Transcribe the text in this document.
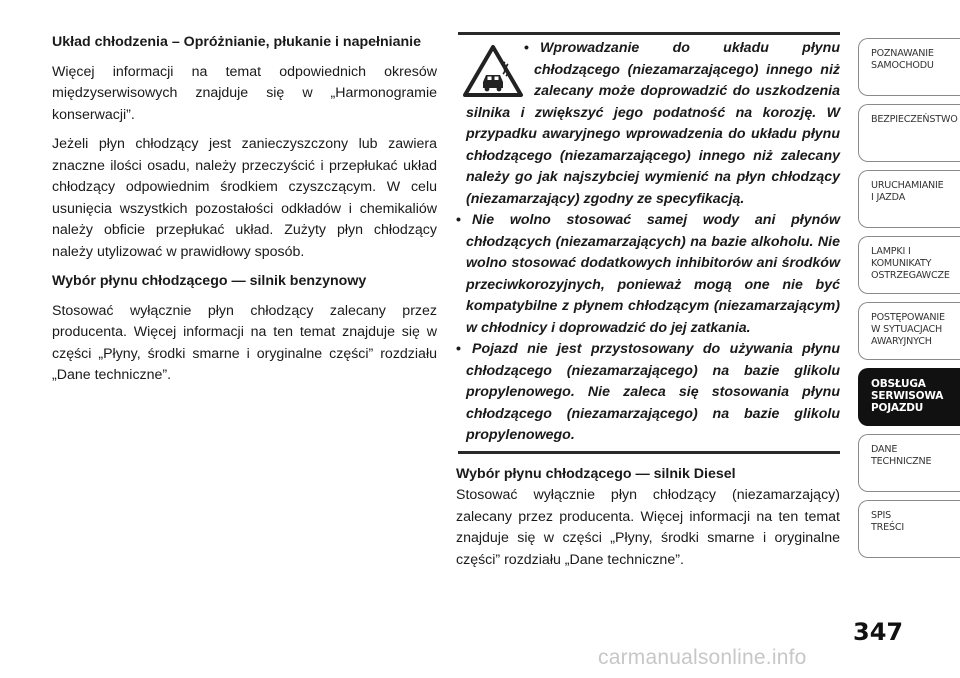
Układ chłodzenia – Opróżnianie, płukanie i napełnianie

Więcej informacji na temat odpowiednich okresów międzyserwisowych znajduje się w „Harmonogramie konserwacji”.

Jeżeli płyn chłodzący jest zanieczyszczony lub zawiera znaczne ilości osadu, należy przeczyścić i przepłukać układ chłodzący odpowiednim środkiem czyszczącym. W celu usunięcia wszystkich pozostałości odkładów i chemikaliów należy obficie przepłukać układ. Zużyty płyn chłodzący należy utylizować w prawidłowy sposób.

Wybór płynu chłodzącego — silnik benzynowy

Stosować wyłącznie płyn chłodzący zalecany przez producenta. Więcej informacji na ten temat znajduje się w części „Płyny, środki smarne i oryginalne części” rozdziału „Dane techniczne”.

• Wprowadzanie do układu płynu chłodzącego (niezamarzającego) innego niż zalecany może doprowadzić do uszkodzenia silnika i zwiększyć jego podatność na korozję. W przypadku awaryjnego wprowadzenia do układu płynu chłodzącego (niezamarzającego) innego niż zalecany należy go jak najszybciej wymienić na płyn chłodzący (niezamarzający) zgodny ze specyfikacją.

• Nie wolno stosować samej wody ani płynów chłodzących (niezamarzających) na bazie alkoholu. Nie wolno stosować dodatkowych inhibitorów ani środków przeciwkorozyjnych, ponieważ mogą one nie być kompatybilne z płynem chłodzącym (niezamarzającym) w chłodnicy i doprowadzić do jej zatkania.

• Pojazd nie jest przystosowany do używania płynu chłodzącego (niezamarzającego) na bazie glikolu propylenowego. Nie zaleca się stosowania płynu chłodzącego (niezamarzającego) na bazie glikolu propylenowego.

Wybór płynu chłodzącego — silnik Diesel

Stosować wyłącznie płyn chłodzący (niezamarzający) zalecany przez producenta. Więcej informacji na ten temat znajduje się w części „Płyny, środki smarne i oryginalne części” rozdziału „Dane techniczne”.

POZNAWANIE
SAMOCHODU
BEZPIECZEŃSTWO
URUCHAMIANIE
I JAZDA
LAMPKI I
KOMUNIKATY
OSTRZEGAWCZE
POSTĘPOWANIE
W SYTUACJACH
AWARYJNYCH
OBSŁUGA
SERWISOWA
POJAZDU
DANE
TECHNICZNE
SPIS
TREŚCI
347
carmanualsonline.info
